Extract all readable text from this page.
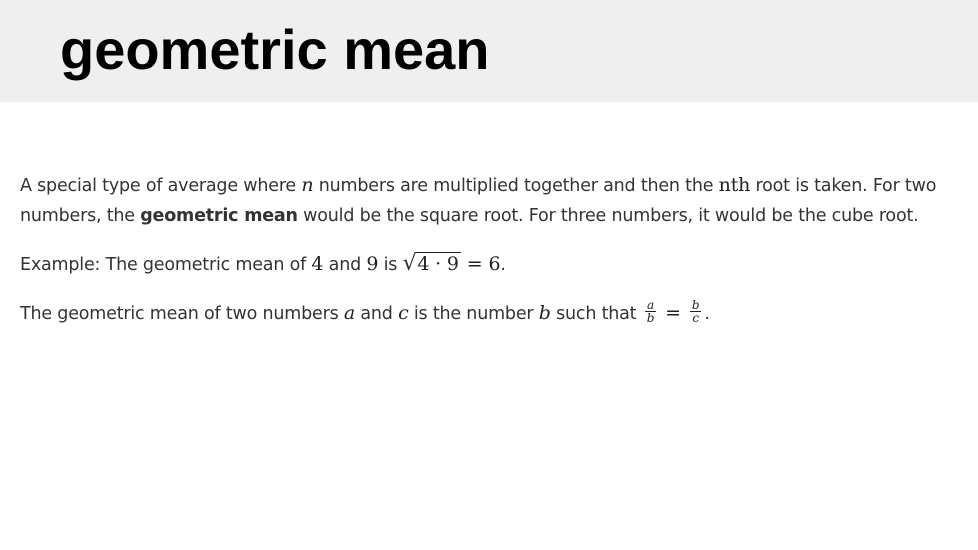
geometric mean

A special type of average where n numbers are multiplied together and then the nth root is taken. For two numbers, the geometric mean would be the square root. For three numbers, it would be the cube root.

Example: The geometric mean of 4 and 9 is √4 · 9 = 6.

The geometric mean of two numbers a and c is the number b such that $\frac{a}{b} = \frac{b}{c}$ .
